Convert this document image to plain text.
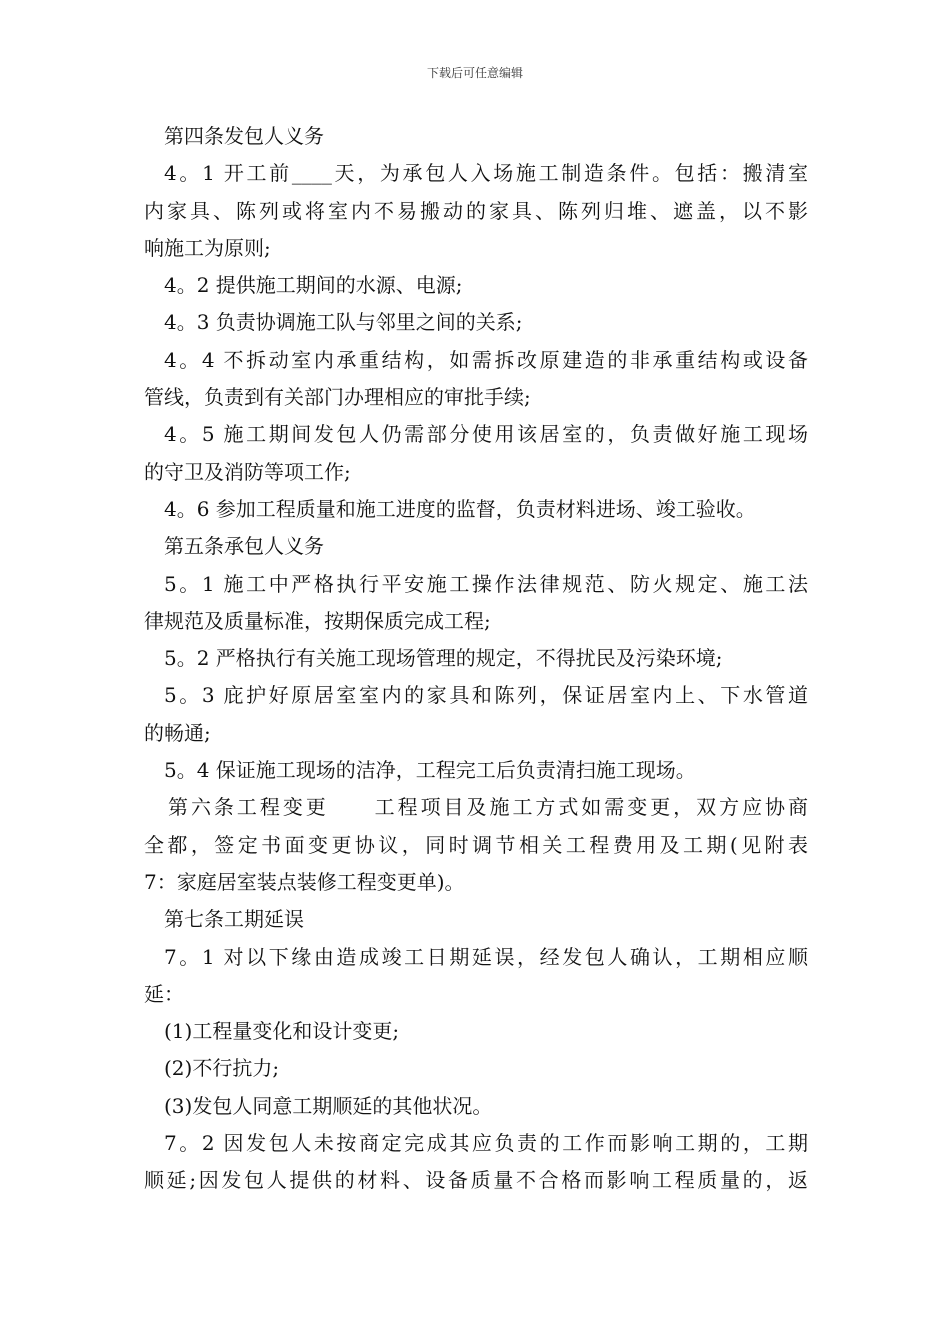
下载后可任意编辑
第四条发包人义务
4。1 开工前____天，为承包人入场施工制造条件。包括：搬清室
内家具、陈列或将室内不易搬动的家具、陈列归堆、遮盖，以不影
响施工为原则;
4。2 提供施工期间的水源、电源;
4。3 负责协调施工队与邻里之间的关系;
4。4 不拆动室内承重结构，如需拆改原建造的非承重结构或设备
管线，负责到有关部门办理相应的审批手续;
4。5 施工期间发包人仍需部分使用该居室的，负责做好施工现场
的守卫及消防等项工作;
4。6 参加工程质量和施工进度的监督，负责材料进场、竣工验收。
第五条承包人义务
5。1 施工中严格执行平安施工操作法律规范、防火规定、施工法
律规范及质量标准，按期保质完成工程;
5。2 严格执行有关施工现场管理的规定，不得扰民及污染环境;
5。3 庇护好原居室室内的家具和陈列，保证居室内上、下水管道
的畅通;
5。4 保证施工现场的洁净，工程完工后负责清扫施工现场。
第六条工程变更　　工程项目及施工方式如需变更，双方应协商
全都，签定书面变更协议，同时调节相关工程费用及工期(见附表
7：家庭居室装点装修工程变更单)。
第七条工期延误
7。1 对以下缘由造成竣工日期延误，经发包人确认，工期相应顺
延：
(1)工程量变化和设计变更;
(2)不行抗力;
(3)发包人同意工期顺延的其他状况。
7。2 因发包人未按商定完成其应负责的工作而影响工期的，工期
顺延;因发包人提供的材料、设备质量不合格而影响工程质量的，返
